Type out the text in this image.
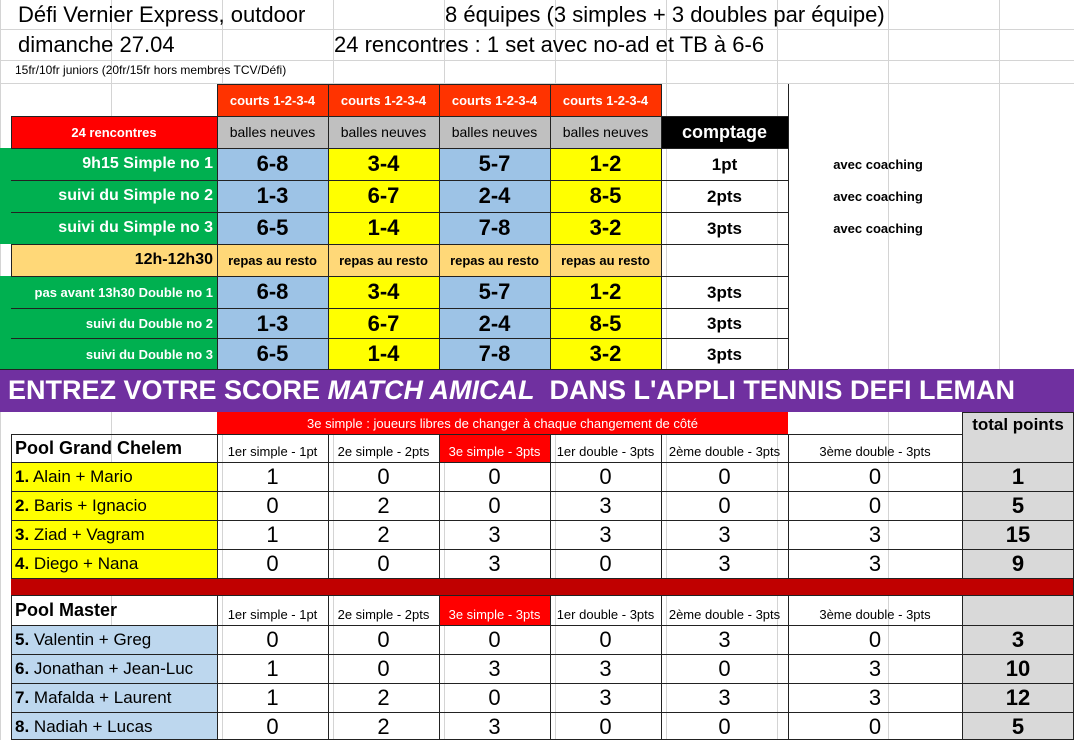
Défi Vernier Express, outdoor	8 équipes (3 simples + 3 doubles par équipe)
dimanche 27.04	24 rencontres : 1 set avec no-ad et TB à 6-6
15fr/10fr juniors (20fr/15fr hors membres TCV/Défi)
courts 1-2-3-4	courts 1-2-3-4	courts 1-2-3-4	courts 1-2-3-4
24 rencontres	balles neuves	balles neuves	balles neuves	balles neuves	comptage
9h15 Simple no 1	6-8	3-4	5-7	1-2	1pt	avec coaching
suivi du Simple no 2	1-3	6-7	2-4	8-5	2pts	avec coaching
suivi du Simple no 3	6-5	1-4	7-8	3-2	3pts	avec coaching
12h-12h30	repas au resto	repas au resto	repas au resto	repas au resto
pas avant 13h30 Double no 1	6-8	3-4	5-7	1-2	3pts
suivi du Double no 2	1-3	6-7	2-4	8-5	3pts
suivi du Double no 3	6-5	1-4	7-8	3-2	3pts
ENTREZ VOTRE SCORE MATCH AMICAL DANS L'APPLI TENNIS DEFI LEMAN
3e simple : joueurs libres de changer à chaque changement de côté	total points
Pool Grand Chelem	1er simple - 1pt	2e simple - 2pts	3e simple - 3pts	1er double - 3pts	2ème double - 3pts	3ème double - 3pts
1. Alain + Mario	1	0	0	0	0	0	1
2. Baris + Ignacio	0	2	0	3	0	0	5
3. Ziad + Vagram	1	2	3	3	3	3	15
4. Diego + Nana	0	0	3	0	3	3	9
Pool Master	1er simple - 1pt	2e simple - 2pts	3e simple - 3pts	1er double - 3pts	2ème double - 3pts	3ème double - 3pts
5. Valentin + Greg	0	0	0	0	3	0	3
6. Jonathan + Jean-Luc	1	0	3	3	0	3	10
7. Mafalda + Laurent	1	2	0	3	3	3	12
8. Nadiah + Lucas	0	2	3	0	0	0	5
